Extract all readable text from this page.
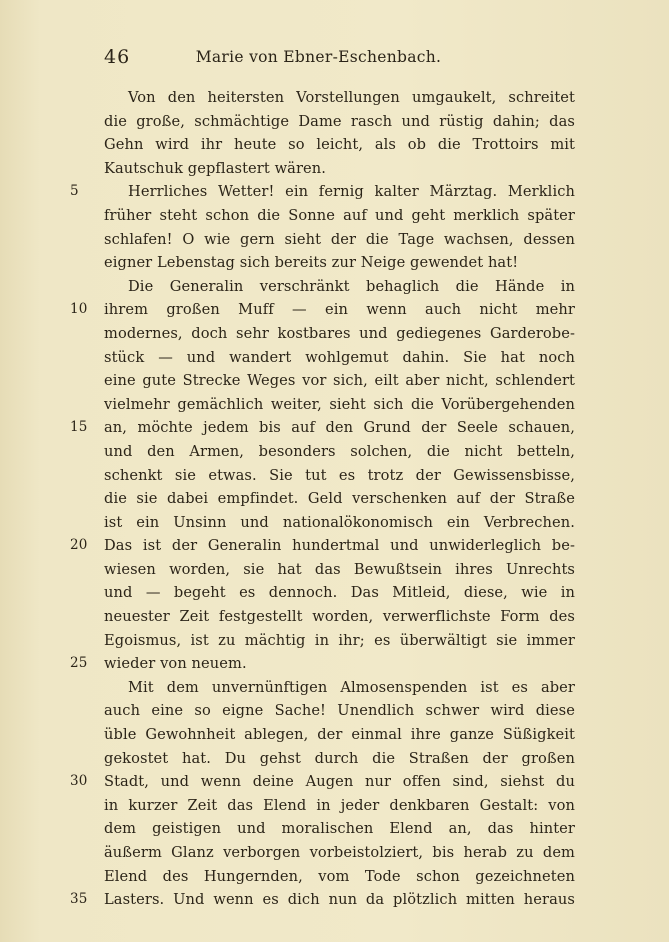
46	Marie von Ebner-Eschenbach.
Von den heitersten Vorstellungen umgaukelt, schreitet
die große, schmächtige Dame rasch und rüstig dahin; das
Gehn wird ihr heute so leicht, als ob die Trottoirs mit
Kautschuk gepflastert wären.
5	Herrliches Wetter! ein fernig kalter Märztag. Merklich
früher steht schon die Sonne auf und geht merklich später
schlafen! O wie gern sieht der die Tage wachsen, dessen
eigner Lebenstag sich bereits zur Neige gewendet hat!
Die Generalin verschränkt behaglich die Hände in
10	ihrem großen Muff — ein wenn auch nicht mehr
modernes, doch sehr kostbares und gediegenes Garderobe-
stück — und wandert wohlgemut dahin. Sie hat noch
eine gute Strecke Weges vor sich, eilt aber nicht, schlendert
vielmehr gemächlich weiter, sieht sich die Vorübergehenden
15	an, möchte jedem bis auf den Grund der Seele schauen,
und den Armen, besonders solchen, die nicht betteln,
schenkt sie etwas. Sie tut es trotz der Gewissensbisse,
die sie dabei empfindet. Geld verschenken auf der Straße
ist ein Unsinn und nationalökonomisch ein Verbrechen.
20	Das ist der Generalin hundertmal und unwiderleglich be-
wiesen worden, sie hat das Bewußtsein ihres Unrechts
und — begeht es dennoch. Das Mitleid, diese, wie in
neuester Zeit festgestellt worden, verwerflichste Form des
Egoismus, ist zu mächtig in ihr; es überwältigt sie immer
25	wieder von neuem.
Mit dem unvernünftigen Almosenspenden ist es aber
auch eine so eigne Sache! Unendlich schwer wird diese
üble Gewohnheit ablegen, der einmal ihre ganze Süßigkeit
gekostet hat. Du gehst durch die Straßen der großen
30	Stadt, und wenn deine Augen nur offen sind, siehst du
in kurzer Zeit das Elend in jeder denkbaren Gestalt: von
dem geistigen und moralischen Elend an, das hinter
äußerm Glanz verborgen vorbeistolziert, bis herab zu dem
Elend des Hungernden, vom Tode schon gezeichneten
35	Lasters. Und wenn es dich nun da plötzlich mitten heraus
